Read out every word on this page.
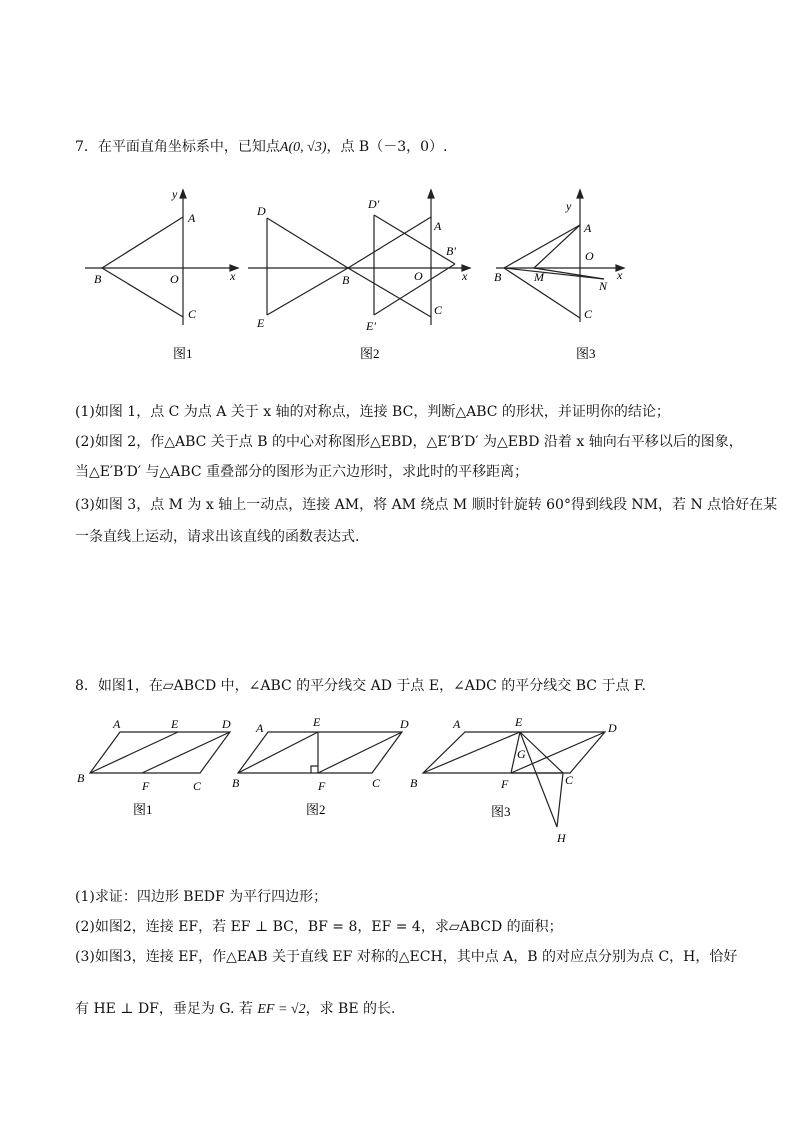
7．在平面直角坐标系中，已知点A(0, √3)，点 B（－3，0）.
y
A
B	O	x
C
图1
D
E
B
D′
E′
A
B′
O	x
C
图2
y
A
B	M
O
x
N
C
图3
(1)如图 1，点 C 为点 A 关于 x 轴的对称点，连接 BC，判断△ABC 的形状，并证明你的结论；
(2)如图 2，作△ABC 关于点 B 的中心对称图形△EBD，△E′B′D′ 为△EBD 沿着 x 轴向右平移以后的图象，
当△E′B′D′ 与△ABC 重叠部分的图形为正六边形时，求此时的平移距离；
(3)如图 3，点 M 为 x 轴上一动点，连接 AM，将 AM 绕点 M 顺时针旋转 60°得到线段 NM，若 N 点恰好在某
一条直线上运动，请求出该直线的函数表达式.
8．如图1，在▱ABCD 中，∠ABC 的平分线交 AD 于点 E，∠ADC 的平分线交 BC 于点 F.
A	E	D
B
F	C
图1
A	E	D
B	F	C
图2
A	E	D
G
B	F	C
H
图3
(1)求证：四边形 BEDF 为平行四边形；
(2)如图2，连接 EF，若 EF ⊥ BC，BF = 8，EF = 4，求▱ABCD 的面积；
(3)如图3，连接 EF，作△EAB 关于直线 EF 对称的△ECH，其中点 A，B 的对应点分别为点 C，H，恰好
有 HE ⊥ DF，垂足为 G. 若 EF = √2，求 BE 的长.
